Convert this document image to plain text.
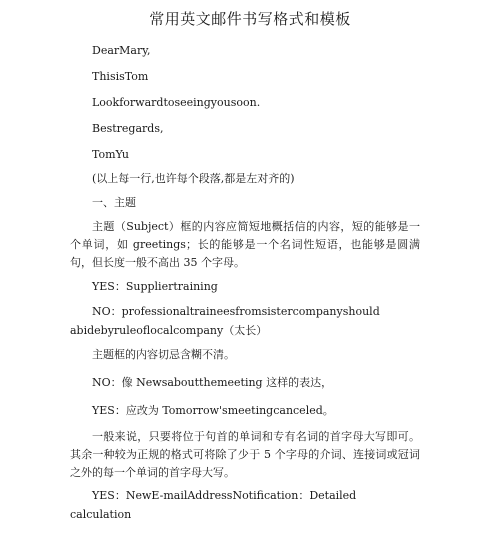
常用英文邮件书写格式和模板
DearMary,
ThisisTom
Lookforwardtoseeingyousoon.
Bestregards,
TomYu
(以上每一行,也许每个段落,都是左对齐的)
一、主题
主题（Subject）框的内容应简短地概括信的内容，短的能够是一个单词，如 greetings；长的能够是一个名词性短语，也能够是圆满句，但长度一般不高出 35 个字母。
YES：Suppliertraining
NO：professionaltraineesfromsistercompanyshould
abidebyruleoflocalcompany（太长）
主题框的内容切忌含糊不清。
NO：像 Newsaboutthemeeting 这样的表达，
YES：应改为 Tomorrow'smeetingcanceled。
一般来说，只要将位于句首的单词和专有名词的首字母大写即可。其余一种较为正规的格式可将除了少于 5 个字母的介词、连接词或冠词之外的每一个单词的首字母大写。
YES：NewE-mailAddressNotification：Detailed
calculation
